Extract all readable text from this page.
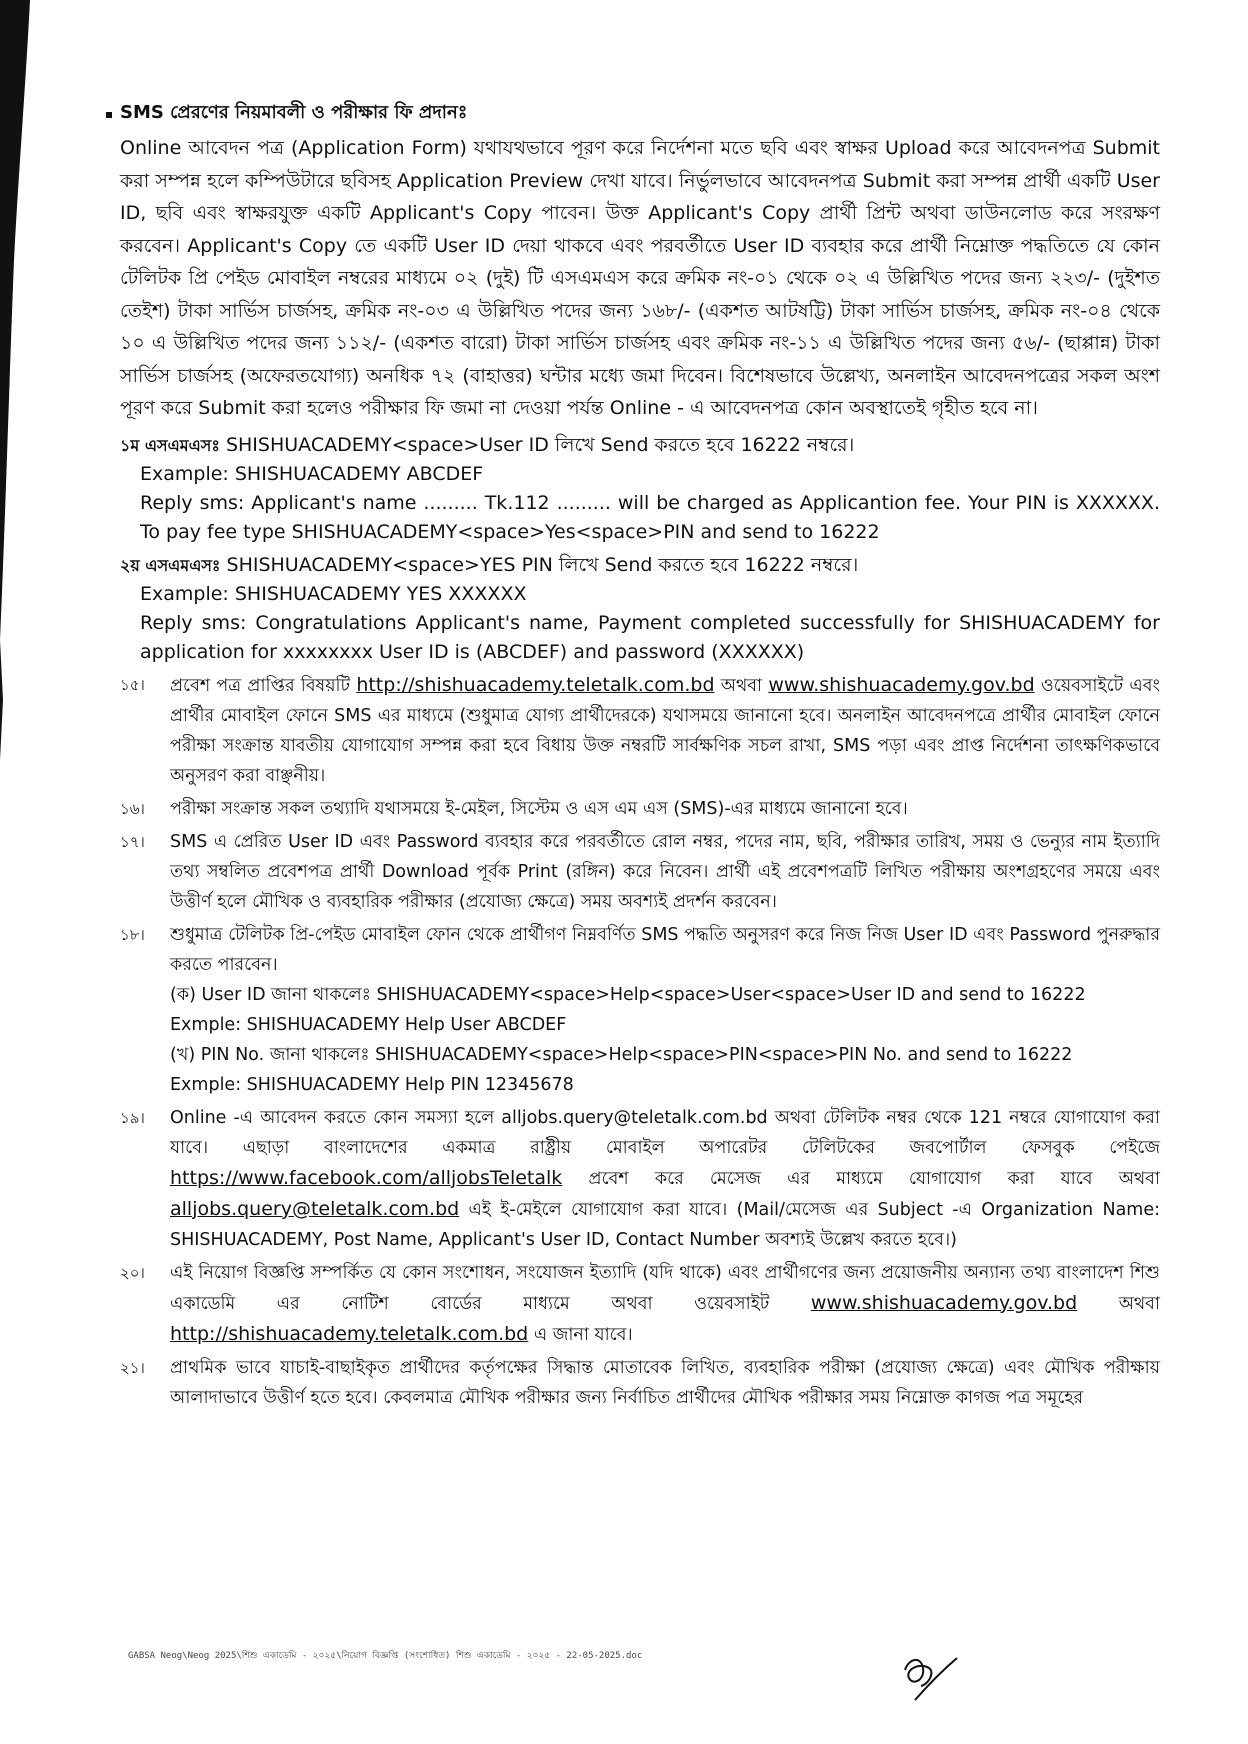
SMS প্রেরণের নিয়মাবলী ও পরীক্ষার ফি প্রদানঃ

Online আবেদন পত্র (Application Form) যথাযথভাবে পূরণ করে নির্দেশনা মতে ছবি এবং স্বাক্ষর Upload করে আবেদনপত্র Submit করা সম্পন্ন হলে কম্পিউটারে ছবিসহ Application Preview দেখা যাবে। নির্ভুলভাবে আবেদনপত্র Submit করা সম্পন্ন প্রার্থী একটি User ID, ছবি এবং স্বাক্ষরযুক্ত একটি Applicant's Copy পাবেন। উক্ত Applicant's Copy প্রার্থী প্রিন্ট অথবা ডাউনলোড করে সংরক্ষণ করবেন। Applicant's Copy তে একটি User ID দেয়া থাকবে এবং পরবর্তীতে User ID ব্যবহার করে প্রার্থী নিম্নোক্ত পদ্ধতিতে যে কোন টেলিটক প্রি পেইড মোবাইল নম্বরের মাধ্যমে ০২ (দুই) টি এসএমএস করে ক্রমিক নং-০১ থেকে ০২ এ উল্লিখিত পদের জন্য ২২৩/- (দুইশত তেইশ) টাকা সার্ভিস চার্জসহ, ক্রমিক নং-০৩ এ উল্লিখিত পদের জন্য ১৬৮/- (একশত আটষট্টি) টাকা সার্ভিস চার্জসহ, ক্রমিক নং-০৪ থেকে ১০ এ উল্লিখিত পদের জন্য ১১২/- (একশত বারো) টাকা সার্ভিস চার্জসহ এবং ক্রমিক নং-১১ এ উল্লিখিত পদের জন্য ৫৬/- (ছাপ্পান্ন) টাকা সার্ভিস চার্জসহ (অফেরতযোগ্য) অনধিক ৭২ (বাহাত্তর) ঘন্টার মধ্যে জমা দিবেন। বিশেষভাবে উল্লেখ্য, অনলাইন আবেদনপত্রের সকল অংশ পূরণ করে Submit করা হলেও পরীক্ষার ফি জমা না দেওয়া পর্যন্ত Online - এ আবেদনপত্র কোন অবস্থাতেই গৃহীত হবে না।

১ম এসএমএসঃ SHISHUACADEMY<space>User ID লিখে Send করতে হবে 16222 নম্বরে।

Example: SHISHUACADEMY ABCDEF

Reply sms: Applicant's name ......... Tk.112 ......... will be charged as Applicantion fee. Your PIN is XXXXXX. To pay fee type SHISHUACADEMY<space>Yes<space>PIN and send to 16222

২য় এসএমএসঃ SHISHUACADEMY<space>YES PIN লিখে Send করতে হবে 16222 নম্বরে।

Example: SHISHUACADEMY YES XXXXXX

Reply sms: Congratulations Applicant's name, Payment completed successfully for SHISHUACADEMY for application for xxxxxxxx User ID is (ABCDEF) and password (XXXXXX)

১৫। প্রবেশ পত্র প্রাপ্তির বিষয়টি http://shishuacademy.teletalk.com.bd অথবা www.shishuacademy.gov.bd ওয়েবসাইটে এবং প্রার্থীর মোবাইল ফোনে SMS এর মাধ্যমে (শুধুমাত্র যোগ্য প্রার্থীদেরকে) যথাসময়ে জানানো হবে। অনলাইন আবেদনপত্রে প্রার্থীর মোবাইল ফোনে পরীক্ষা সংক্রান্ত যাবতীয় যোগাযোগ সম্পন্ন করা হবে বিধায় উক্ত নম্বরটি সার্বক্ষণিক সচল রাখা, SMS পড়া এবং প্রাপ্ত নির্দেশনা তাৎক্ষণিকভাবে অনুসরণ করা বাঞ্ছনীয়।
১৬। পরীক্ষা সংক্রান্ত সকল তথ্যাদি যথাসময়ে ই-মেইল, সিস্টেম ও এস এম এস (SMS)-এর মাধ্যমে জানানো হবে।
১৭। SMS এ প্রেরিত User ID এবং Password ব্যবহার করে পরবর্তীতে রোল নম্বর, পদের নাম, ছবি, পরীক্ষার তারিখ, সময় ও ভেন্যুর নাম ইত্যাদি তথ্য সম্বলিত প্রবেশপত্র প্রার্থী Download পূর্বক Print (রঙ্গিন) করে নিবেন। প্রার্থী এই প্রবেশপত্রটি লিখিত পরীক্ষায় অংশগ্রহণের সময়ে এবং উত্তীর্ণ হলে মৌখিক ও ব্যবহারিক পরীক্ষার (প্রযোজ্য ক্ষেত্রে) সময় অবশ্যই প্রদর্শন করবেন।
১৮। শুধুমাত্র টেলিটক প্রি-পেইড মোবাইল ফোন থেকে প্রার্থীগণ নিম্নবর্ণিত SMS পদ্ধতি অনুসরণ করে নিজ নিজ User ID এবং Password পুনরুদ্ধার করতে পারবেন।

(ক) User ID জানা থাকলেঃ SHISHUACADEMY<space>Help<space>User<space>User ID and send to 16222

Exmple: SHISHUACADEMY Help User ABCDEF

(খ) PIN No. জানা থাকলেঃ SHISHUACADEMY<space>Help<space>PIN<space>PIN No. and send to 16222

Exmple: SHISHUACADEMY Help PIN 12345678

১৯। Online -এ আবেদন করতে কোন সমস্যা হলে alljobs.query@teletalk.com.bd অথবা টেলিটক নম্বর থেকে 121 নম্বরে যোগাযোগ করা যাবে। এছাড়া বাংলাদেশের একমাত্র রাষ্ট্রীয় মোবাইল অপারেটর টেলিটকের জবপোর্টাল ফেসবুক পেইজে https://www.facebook.com/alljobsTeletalk প্রবেশ করে মেসেজ এর মাধ্যমে যোগাযোগ করা যাবে অথবা alljobs.query@teletalk.com.bd এই ই-মেইলে যোগাযোগ করা যাবে। (Mail/মেসেজ এর Subject -এ Organization Name: SHISHUACADEMY, Post Name, Applicant's User ID, Contact Number অবশ্যই উল্লেখ করতে হবে।)
২০। এই নিয়োগ বিজ্ঞপ্তি সম্পর্কিত যে কোন সংশোধন, সংযোজন ইত্যাদি (যদি থাকে) এবং প্রার্থীগণের জন্য প্রয়োজনীয় অন্যান্য তথ্য বাংলাদেশ শিশু একাডেমি এর নোটিশ বোর্ডের মাধ্যমে অথবা ওয়েবসাইট www.shishuacademy.gov.bd অথবা http://shishuacademy.teletalk.com.bd এ জানা যাবে।
২১। প্রাথমিক ভাবে যাচাই-বাছাইকৃত প্রার্থীদের কর্তৃপক্ষের সিদ্ধান্ত মোতাবেক লিখিত, ব্যবহারিক পরীক্ষা (প্রযোজ্য ক্ষেত্রে) এবং মৌখিক পরীক্ষায় আলাদাভাবে উত্তীর্ণ হতে হবে। কেবলমাত্র মৌখিক পরীক্ষার জন্য নির্বাচিত প্রার্থীদের মৌখিক পরীক্ষার সময় নিম্নোক্ত কাগজ পত্র সমূহের
GABSA Neog\Neog 2025\শিশু একাডেমি - ২০২৫\নিয়োগ বিজ্ঞপ্তি (সংশোধিত) শিশু একাডেমি - ২০২৫ - 22-05-2025.doc
